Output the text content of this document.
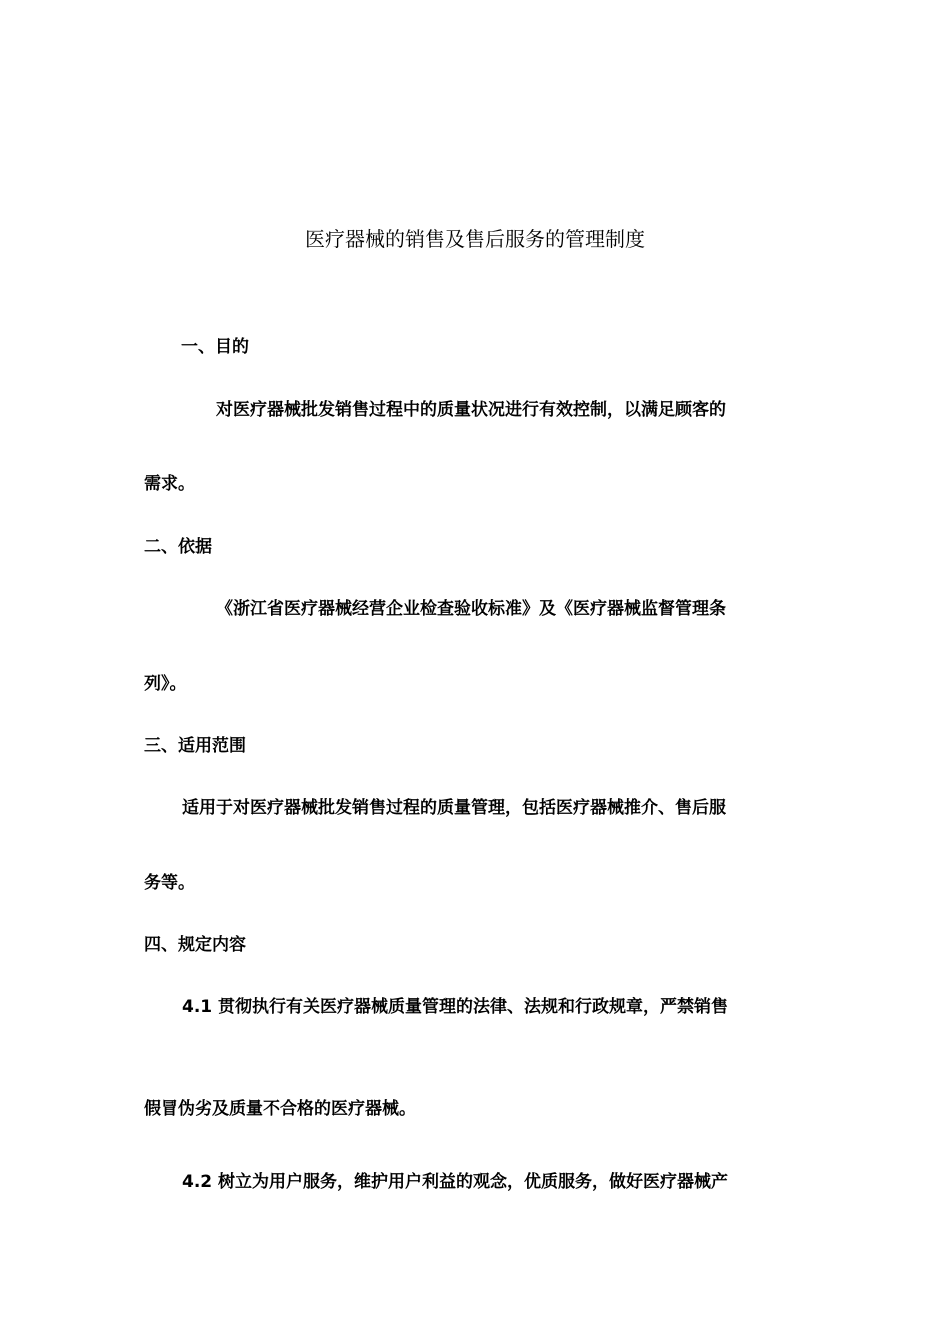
医疗器械的销售及售后服务的管理制度
一、目的
对医疗器械批发销售过程中的质量状况进行有效控制，以满足顾客的
需求。
二、依据
《浙江省医疗器械经营企业检查验收标准》及《医疗器械监督管理条
列》。
三、适用范围
适用于对医疗器械批发销售过程的质量管理，包括医疗器械推介、售后服
务等。
四、规定内容
4.1 贯彻执行有关医疗器械质量管理的法律、法规和行政规章，严禁销售
假冒伪劣及质量不合格的医疗器械。
4.2 树立为用户服务，维护用户利益的观念，优质服务，做好医疗器械产
